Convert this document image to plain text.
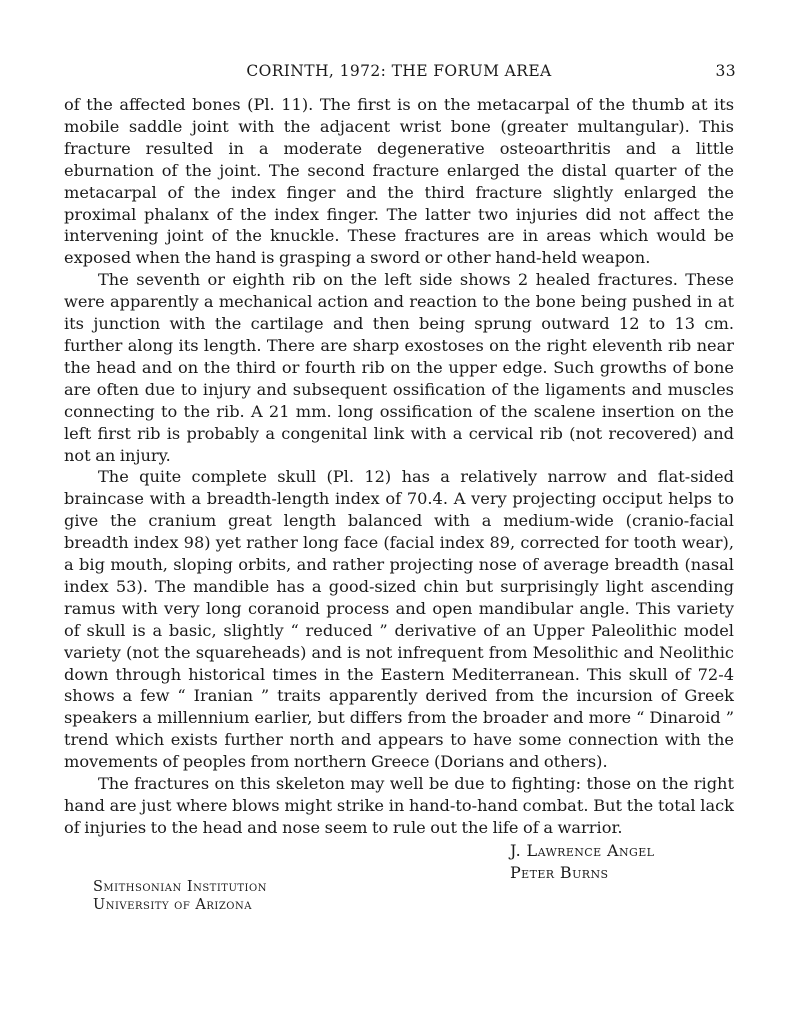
CORINTH, 1972: THE FORUM AREA	33

of the affected bones (Pl. 11). The first is on the metacarpal of the thumb at its mobile saddle joint with the adjacent wrist bone (greater multangular). This fracture resulted in a moderate degenerative osteoarthritis and a little eburnation of the joint. The second fracture enlarged the distal quarter of the metacarpal of the index finger and the third fracture slightly enlarged the proximal phalanx of the index finger. The latter two injuries did not affect the intervening joint of the knuckle. These fractures are in areas which would be exposed when the hand is grasping a sword or other hand-held weapon.

The seventh or eighth rib on the left side shows 2 healed fractures. These were apparently a mechanical action and reaction to the bone being pushed in at its junction with the cartilage and then being sprung outward 12 to 13 cm. further along its length. There are sharp exostoses on the right eleventh rib near the head and on the third or fourth rib on the upper edge. Such growths of bone are often due to injury and subsequent ossification of the ligaments and muscles connecting to the rib. A 21 mm. long ossification of the scalene insertion on the left first rib is probably a congenital link with a cervical rib (not recovered) and not an injury.

The quite complete skull (Pl. 12) has a relatively narrow and flat-sided braincase with a breadth-length index of 70.4. A very projecting occiput helps to give the cranium great length balanced with a medium-wide (cranio-facial breadth index 98) yet rather long face (facial index 89, corrected for tooth wear), a big mouth, sloping orbits, and rather projecting nose of average breadth (nasal index 53). The mandible has a good-sized chin but surprisingly light ascending ramus with very long coranoid process and open mandibular angle. This variety of skull is a basic, slightly “ reduced ” derivative of an Upper Paleolithic model variety (not the squareheads) and is not infrequent from Mesolithic and Neolithic down through historical times in the Eastern Mediterranean. This skull of 72-4 shows a few “ Iranian ” traits apparently derived from the incursion of Greek speakers a millennium earlier, but differs from the broader and more “ Dinaroid ” trend which exists further north and appears to have some connection with the movements of peoples from northern Greece (Dorians and others).

The fractures on this skeleton may well be due to fighting: those on the right hand are just where blows might strike in hand-to-hand combat. But the total lack of injuries to the head and nose seem to rule out the life of a warrior.

J. Lawrence Angel
Peter Burns
Smithsonian Institution
University of Arizona
